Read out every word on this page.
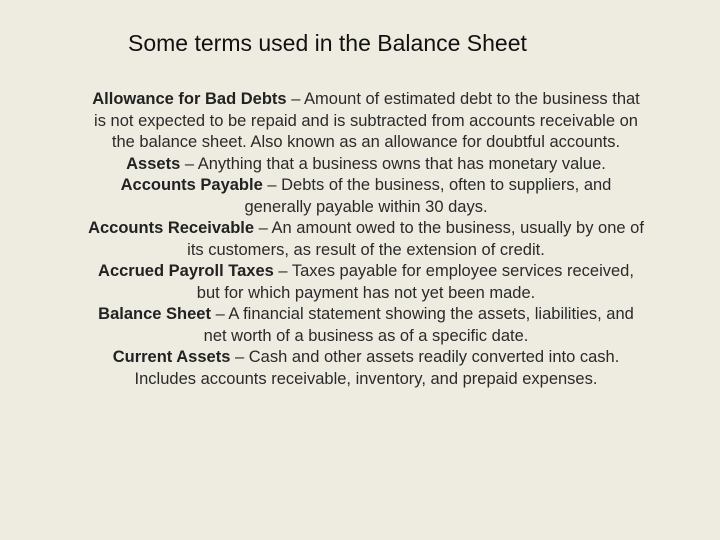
Some terms used in the Balance Sheet

Allowance for Bad Debts – Amount of estimated debt to the business that is not expected to be repaid and is subtracted from accounts receivable on the balance sheet. Also known as an allowance for doubtful accounts.

Assets – Anything that a business owns that has monetary value.

Accounts Payable – Debts of the business, often to suppliers, and generally payable within 30 days.

Accounts Receivable – An amount owed to the business, usually by one of its customers, as result of the extension of credit.

Accrued Payroll Taxes – Taxes payable for employee services received, but for which payment has not yet been made.

Balance Sheet – A financial statement showing the assets, liabilities, and net worth of a business as of a specific date.

Current Assets – Cash and other assets readily converted into cash. Includes accounts receivable, inventory, and prepaid expenses.
